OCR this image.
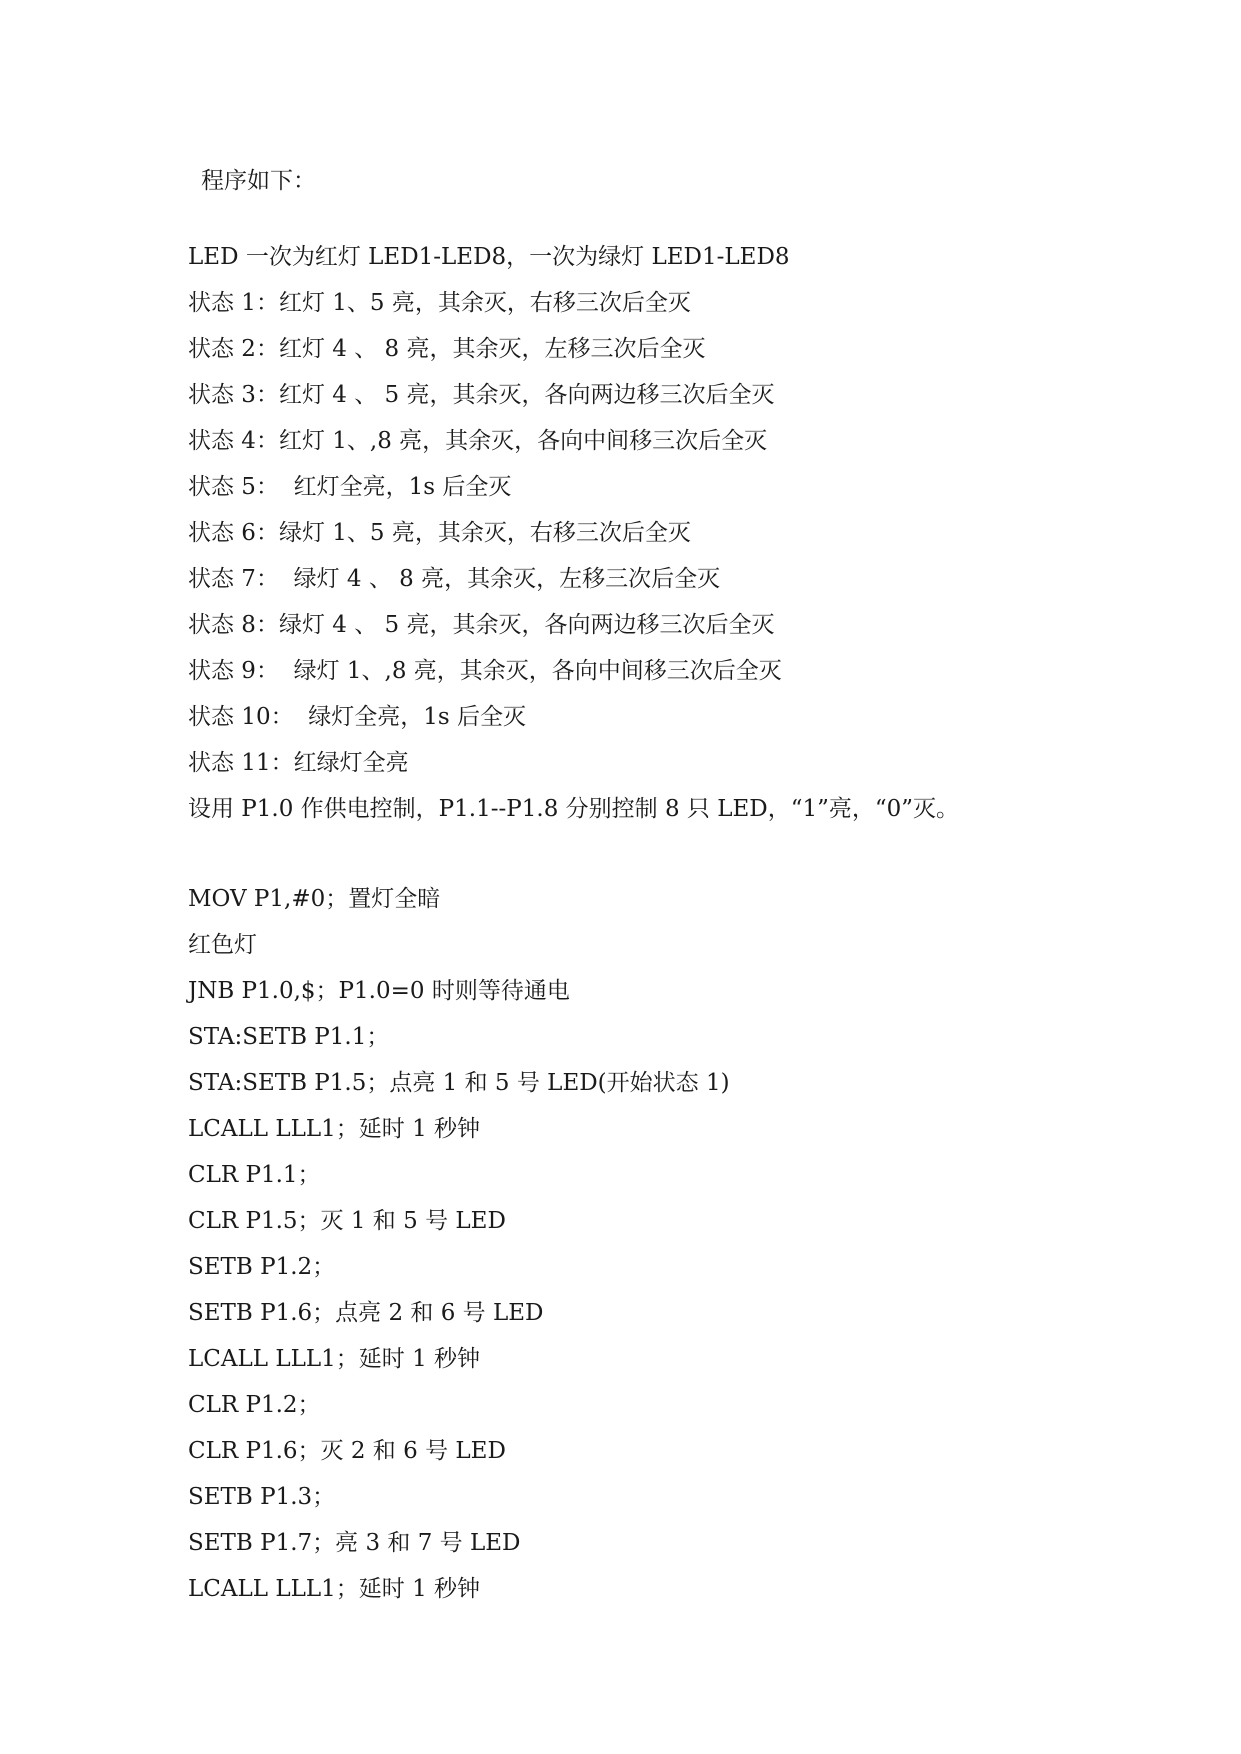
程序如下：
LED 一次为红灯 LED1-LED8，一次为绿灯 LED1-LED8
状态 1：红灯 1、5 亮，其余灭，右移三次后全灭
状态 2：红灯 4 、 8 亮，其余灭，左移三次后全灭
状态 3：红灯 4 、 5 亮，其余灭，各向两边移三次后全灭
状态 4：红灯 1、,8 亮，其余灭，各向中间移三次后全灭
状态 5：  红灯全亮，1s 后全灭
状态 6：绿灯 1、5 亮，其余灭，右移三次后全灭
状态 7：  绿灯 4 、 8 亮，其余灭，左移三次后全灭
状态 8：绿灯 4 、 5 亮，其余灭，各向两边移三次后全灭
状态 9：  绿灯 1、,8 亮，其余灭，各向中间移三次后全灭
状态 10：  绿灯全亮，1s 后全灭
状态 11：红绿灯全亮
设用 P1.0 作供电控制，P1.1--P1.8 分别控制 8 只 LED，“1”亮，“0”灭。
MOV P1,#0；置灯全暗
红色灯
JNB P1.0,$；P1.0=0 时则等待通电
STA:SETB P1.1；
STA:SETB P1.5；点亮 1 和 5 号 LED(开始状态 1)
LCALL LLL1；延时 1 秒钟
CLR P1.1；
CLR P1.5；灭 1 和 5 号 LED
SETB P1.2；
SETB P1.6；点亮 2 和 6 号 LED
LCALL LLL1；延时 1 秒钟
CLR P1.2；
CLR P1.6；灭 2 和 6 号 LED
SETB P1.3；
SETB P1.7；亮 3 和 7 号 LED
LCALL LLL1；延时 1 秒钟
